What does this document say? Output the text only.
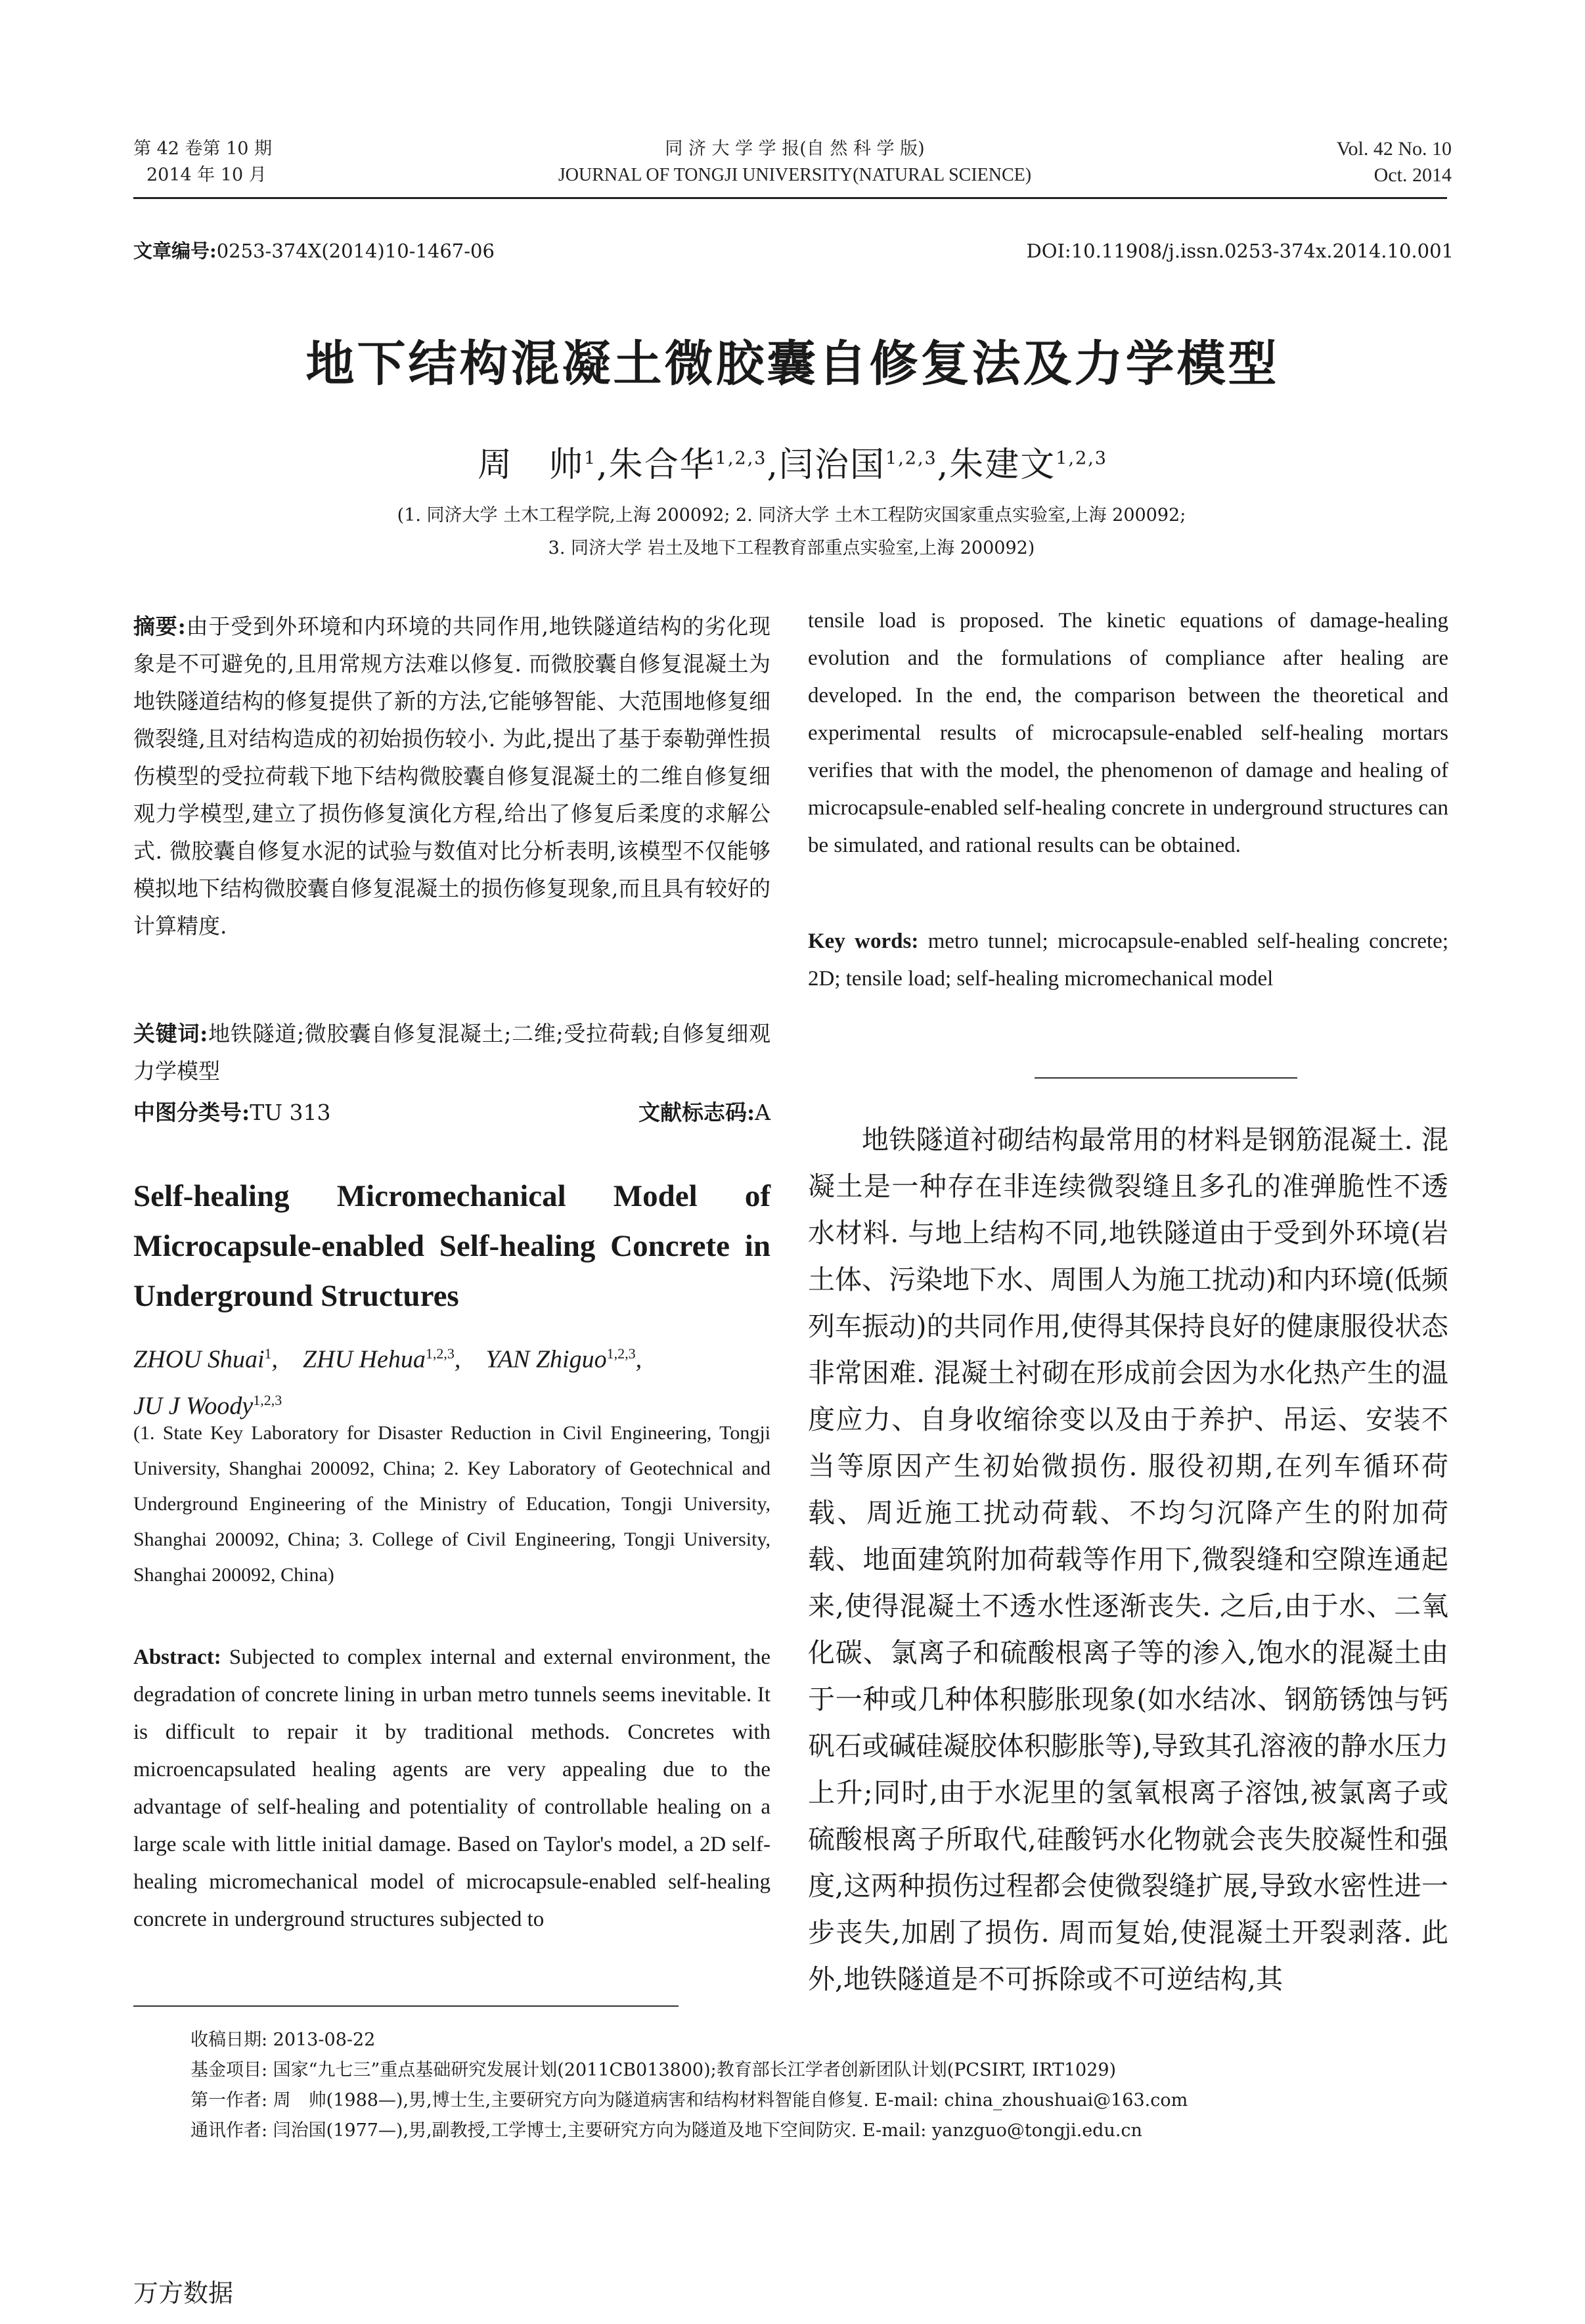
第 42 卷第 10 期
2014 年 10 月
同 济 大 学 学 报(自 然 科 学 版)
JOURNAL OF TONGJI UNIVERSITY(NATURAL SCIENCE)
Vol. 42 No. 10
Oct. 2014
文章编号:0253-374X(2014)10-1467-06	DOI:10.11908/j.issn.0253-374x.2014.10.001
地下结构混凝土微胶囊自修复法及力学模型
周　帅$^1$,朱合华$^{1,2,3}$,闫治国$^{1,2,3}$,朱建文$^{1,2,3}$
(1. 同济大学 土木工程学院,上海 200092; 2. 同济大学 土木工程防灾国家重点实验室,上海 200092;
3. 同济大学 岩土及地下工程教育部重点实验室,上海 200092)
摘要:由于受到外环境和内环境的共同作用,地铁隧道结构的劣化现象是不可避免的,且用常规方法难以修复. 而微胶囊自修复混凝土为地铁隧道结构的修复提供了新的方法,它能够智能、大范围地修复细微裂缝,且对结构造成的初始损伤较小. 为此,提出了基于泰勒弹性损伤模型的受拉荷载下地下结构微胶囊自修复混凝土的二维自修复细观力学模型,建立了损伤修复演化方程,给出了修复后柔度的求解公式. 微胶囊自修复水泥的试验与数值对比分析表明,该模型不仅能够模拟地下结构微胶囊自修复混凝土的损伤修复现象,而且具有较好的计算精度.
关键词:地铁隧道;微胶囊自修复混凝土;二维;受拉荷载;自修复细观力学模型
中图分类号:TU 313	文献标志码:A
Self-healing Micromechanical Model of Microcapsule-enabled Self-healing Concrete in Underground Structures
ZHOU Shuai$^1$,    ZHU Hehua$^{1,2,3}$,    YAN Zhiguo$^{1,2,3}$,
JU J Woody$^{1,2,3}$
(1. State Key Laboratory for Disaster Reduction in Civil Engineering, Tongji University, Shanghai 200092, China; 2. Key Laboratory of Geotechnical and Underground Engineering of the Ministry of Education, Tongji University, Shanghai 200092, China; 3. College of Civil Engineering, Tongji University, Shanghai 200092, China)
Abstract: Subjected to complex internal and external environment, the degradation of concrete lining in urban metro tunnels seems inevitable. It is difficult to repair it by traditional methods. Concretes with microencapsulated healing agents are very appealing due to the advantage of self-healing and potentiality of controllable healing on a large scale with little initial damage. Based on Taylor's model, a 2D self-healing micromechanical model of microcapsule-enabled self-healing concrete in underground structures subjected to
tensile load is proposed. The kinetic equations of damage-healing evolution and the formulations of compliance after healing are developed. In the end, the comparison between the theoretical and experimental results of microcapsule-enabled self-healing mortars verifies that with the model, the phenomenon of damage and healing of microcapsule-enabled self-healing concrete in underground structures can be simulated, and rational results can be obtained.
Key words: metro tunnel; microcapsule-enabled self-healing concrete; 2D; tensile load; self-healing micromechanical model
地铁隧道衬砌结构最常用的材料是钢筋混凝土. 混凝土是一种存在非连续微裂缝且多孔的准弹脆性不透水材料. 与地上结构不同,地铁隧道由于受到外环境(岩土体、污染地下水、周围人为施工扰动)和内环境(低频列车振动)的共同作用,使得其保持良好的健康服役状态非常困难. 混凝土衬砌在形成前会因为水化热产生的温度应力、自身收缩徐变以及由于养护、吊运、安装不当等原因产生初始微损伤. 服役初期,在列车循环荷载、周近施工扰动荷载、不均匀沉降产生的附加荷载、地面建筑附加荷载等作用下,微裂缝和空隙连通起来,使得混凝土不透水性逐渐丧失. 之后,由于水、二氧化碳、氯离子和硫酸根离子等的渗入,饱水的混凝土由于一种或几种体积膨胀现象(如水结冰、钢筋锈蚀与钙矾石或碱硅凝胶体积膨胀等),导致其孔溶液的静水压力上升;同时,由于水泥里的氢氧根离子溶蚀,被氯离子或硫酸根离子所取代,硅酸钙水化物就会丧失胶凝性和强度,这两种损伤过程都会使微裂缝扩展,导致水密性进一步丧失,加剧了损伤. 周而复始,使混凝土开裂剥落. 此外,地铁隧道是不可拆除或不可逆结构,其
收稿日期: 2013-08-22
基金项目: 国家“九七三”重点基础研究发展计划(2011CB013800);教育部长江学者创新团队计划(PCSIRT, IRT1029)
第一作者: 周　帅(1988—),男,博士生,主要研究方向为隧道病害和结构材料智能自修复. E-mail: china_zhoushuai@163.com
通讯作者: 闫治国(1977—),男,副教授,工学博士,主要研究方向为隧道及地下空间防灾. E-mail: yanzguo@tongji.edu.cn
万方数据
